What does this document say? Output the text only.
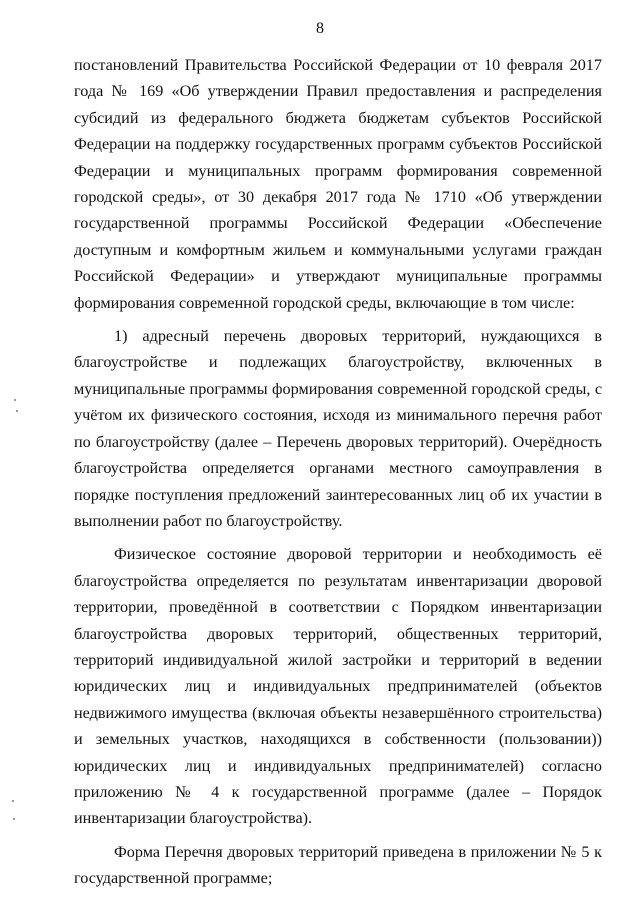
8

постановлений Правительства Российской Федерации от 10 февраля 2017 года № 169 «Об утверждении Правил предоставления и распределения субсидий из федерального бюджета бюджетам субъектов Российской Федерации на поддержку государственных программ субъектов Российской Федерации и муниципальных программ формирования современной городской среды», от 30 декабря 2017 года № 1710 «Об утверждении государственной программы Российской Федерации «Обеспечение доступным и комфортным жильем и коммунальными услугами граждан Российской Федерации» и утверждают муниципальные программы формирования современной городской среды, включающие в том числе:

1) адресный перечень дворовых территорий, нуждающихся в благоустройстве и подлежащих благоустройству, включенных в муниципальные программы формирования современной городской среды, с учётом их физического состояния, исходя из минимального перечня работ по благоустройству (далее – Перечень дворовых территорий). Очерёдность благоустройства определяется органами местного самоуправления в порядке поступления предложений заинтересованных лиц об их участии в выполнении работ по благоустройству.

Физическое состояние дворовой территории и необходимость её благоустройства определяется по результатам инвентаризации дворовой территории, проведённой в соответствии с Порядком инвентаризации благоустройства дворовых территорий, общественных территорий, территорий индивидуальной жилой застройки и территорий в ведении юридических лиц и индивидуальных предпринимателей (объектов недвижимого имущества (включая объекты незавершённого строительства) и земельных участков, находящихся в собственности (пользовании)) юридических лиц и индивидуальных предпринимателей) согласно приложению № 4 к государственной программе (далее – Порядок инвентаризации благоустройства).

Форма Перечня дворовых территорий приведена в приложении № 5 к государственной программе;
